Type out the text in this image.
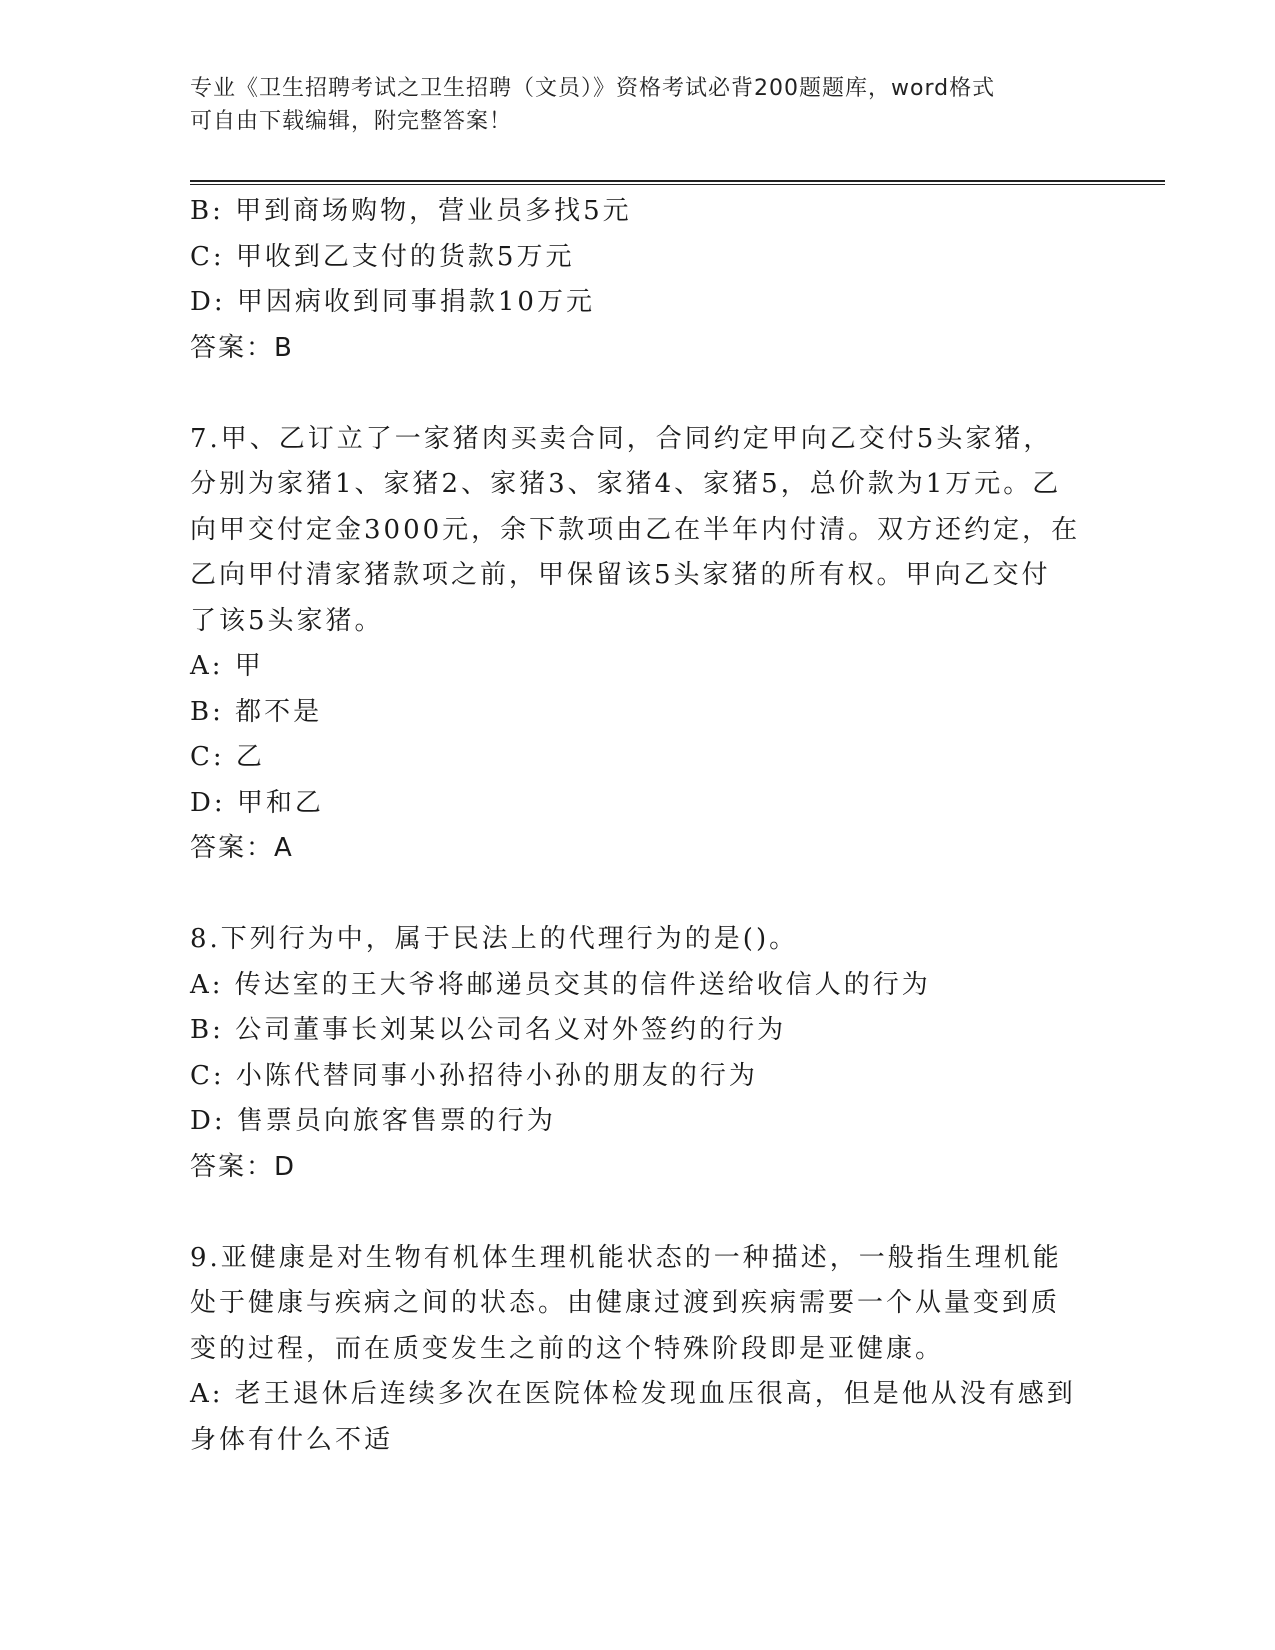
专业《卫生招聘考试之卫生招聘（文员）》资格考试必背200题题库，word格式
可自由下载编辑，附完整答案！
B: 甲到商场购物，营业员多找5元
C: 甲收到乙支付的货款5万元
D: 甲因病收到同事捐款10万元
答案：B
7.甲、乙订立了一家猪肉买卖合同，合同约定甲向乙交付5头家猪，
分别为家猪1、家猪2、家猪3、家猪4、家猪5，总价款为1万元。乙
向甲交付定金3000元，余下款项由乙在半年内付清。双方还约定，在
乙向甲付清家猪款项之前，甲保留该5头家猪的所有权。甲向乙交付
了该5头家猪。
A: 甲
B: 都不是
C: 乙
D: 甲和乙
答案：A
8.下列行为中，属于民法上的代理行为的是()。
A: 传达室的王大爷将邮递员交其的信件送给收信人的行为
B: 公司董事长刘某以公司名义对外签约的行为
C: 小陈代替同事小孙招待小孙的朋友的行为
D: 售票员向旅客售票的行为
答案：D
9.亚健康是对生物有机体生理机能状态的一种描述，一般指生理机能
处于健康与疾病之间的状态。由健康过渡到疾病需要一个从量变到质
变的过程，而在质变发生之前的这个特殊阶段即是亚健康。
A: 老王退休后连续多次在医院体检发现血压很高，但是他从没有感到
身体有什么不适
